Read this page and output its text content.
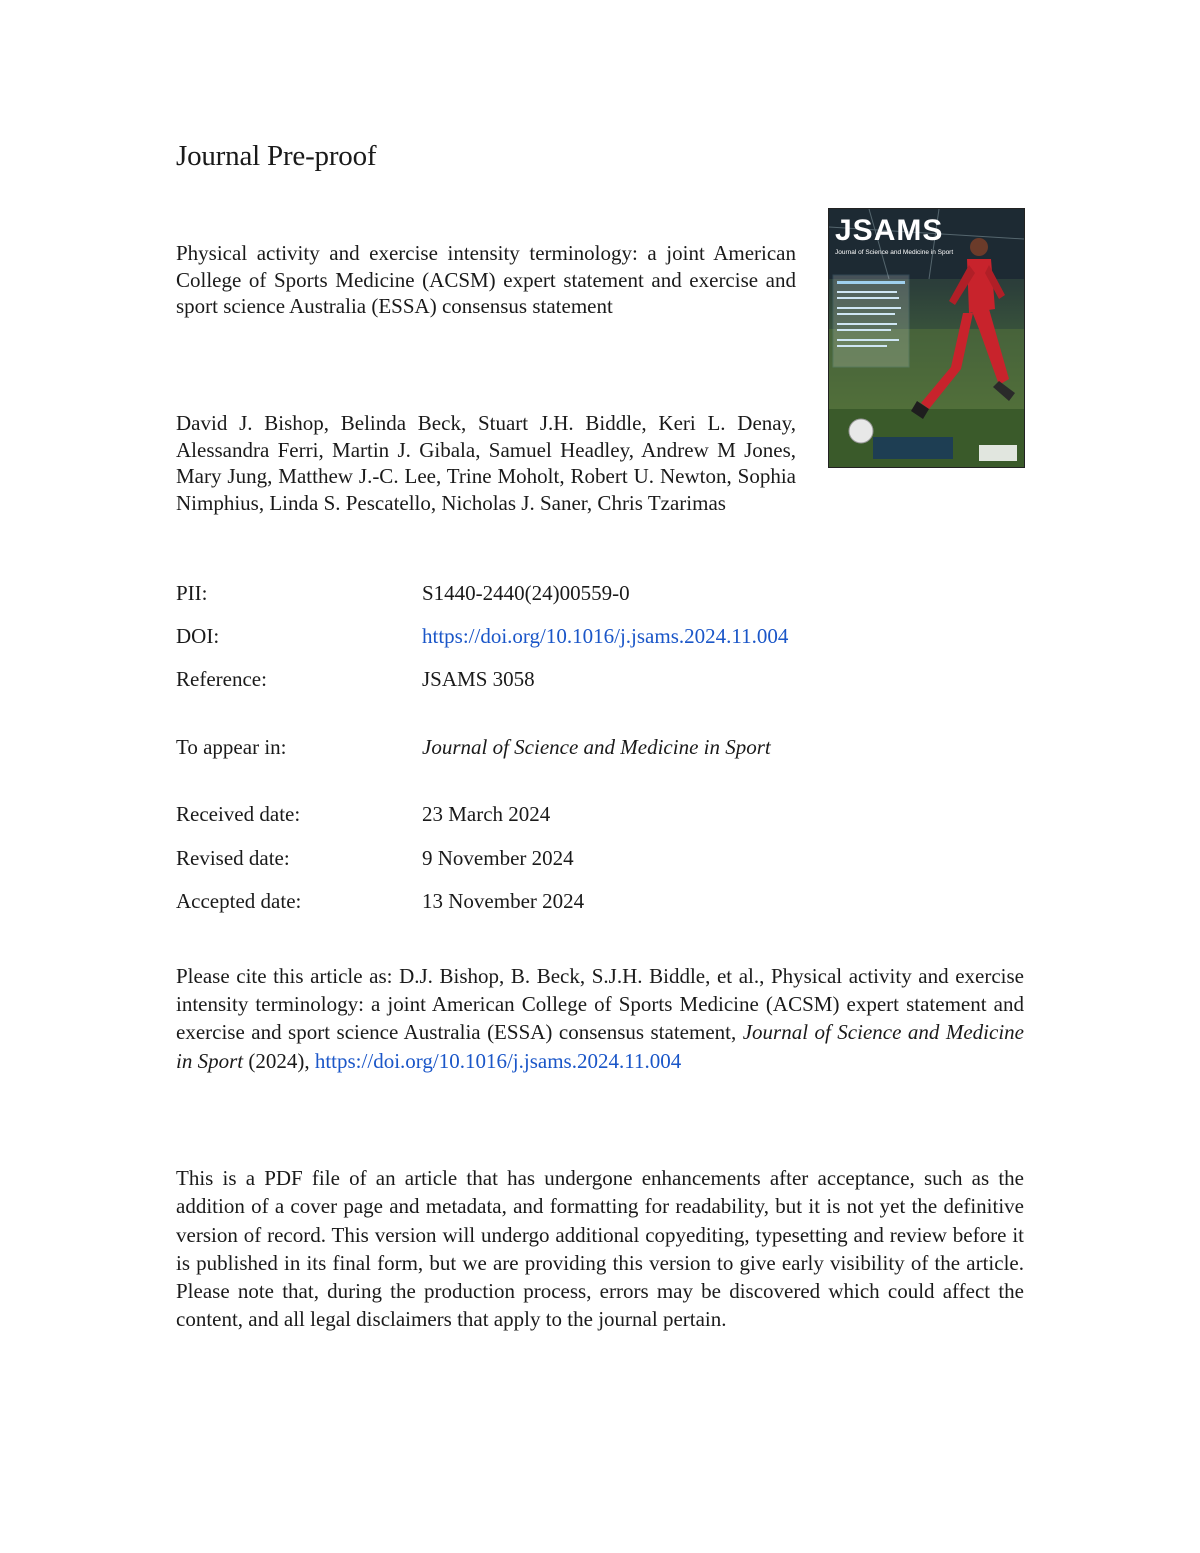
Journal Pre-proof
Physical activity and exercise intensity terminology: a joint American College of Sports Medicine (ACSM) expert statement and exercise and sport science Australia (ESSA) consensus statement
David J. Bishop, Belinda Beck, Stuart J.H. Biddle, Keri L. Denay, Alessandra Ferri, Martin J. Gibala, Samuel Headley, Andrew M Jones, Mary Jung, Matthew J.-C. Lee, Trine Moholt, Robert U. Newton, Sophia Nimphius, Linda S. Pescatello, Nicholas J. Saner, Chris Tzarimas
JSAMS
Journal of Science and Medicine in Sport
PII:	S1440-2440(24)00559-0
DOI:	https://doi.org/10.1016/j.jsams.2024.11.004
Reference:	JSAMS 3058
To appear in:	Journal of Science and Medicine in Sport
Received date:	23 March 2024
Revised date:	9 November 2024
Accepted date:	13 November 2024
Please cite this article as: D.J. Bishop, B. Beck, S.J.H. Biddle, et al., Physical activity and exercise intensity terminology: a joint American College of Sports Medicine (ACSM) expert statement and exercise and sport science Australia (ESSA) consensus statement, Journal of Science and Medicine in Sport (2024), https://doi.org/10.1016/j.jsams.2024.11.004
This is a PDF file of an article that has undergone enhancements after acceptance, such as the addition of a cover page and metadata, and formatting for readability, but it is not yet the definitive version of record. This version will undergo additional copyediting, typesetting and review before it is published in its final form, but we are providing this version to give early visibility of the article. Please note that, during the production process, errors may be discovered which could affect the content, and all legal disclaimers that apply to the journal pertain.
